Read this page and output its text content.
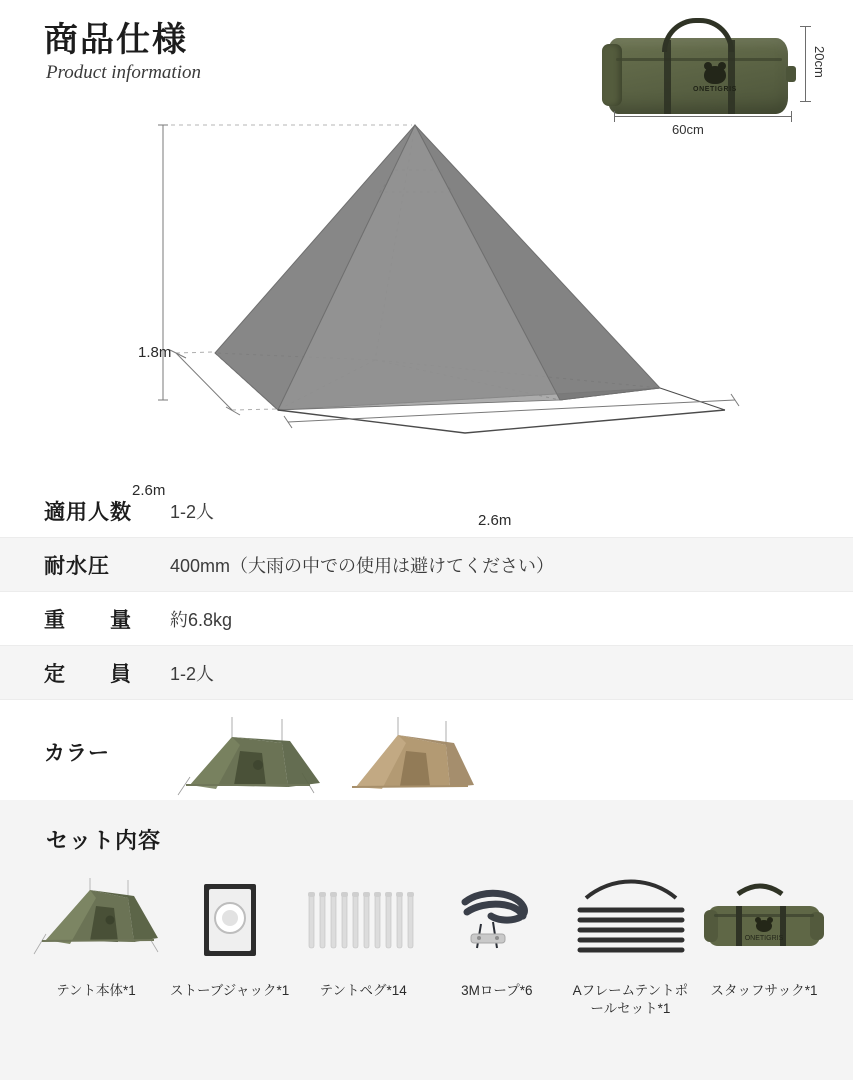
商品仕様
Product information
ONETIGRIS
20cm
60cm
1.8m
2.6m
2.6m
適用人数	1-2人
耐水圧	400mm（大雨の中での使用は避けてください）
重　　量	約6.8kg
定　　員	1-2人
カラー
セット内容
テント本体*1	ストーブジャック*1	テントペグ*14	3Mロープ*6	Aフレームテントポールセット*1
ONETIGRIS
スタッフサック*1
